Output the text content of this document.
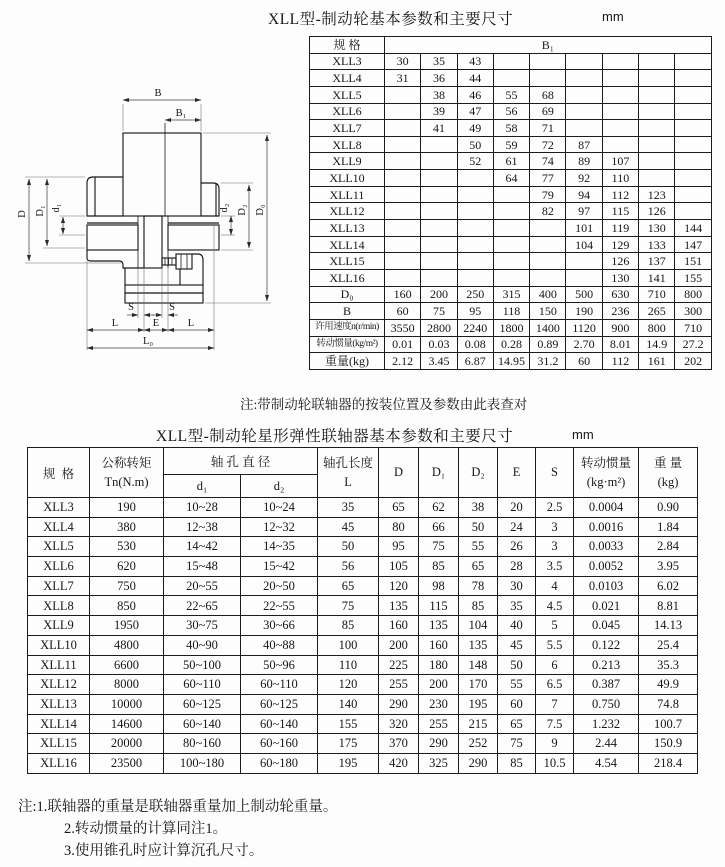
XLL型-制动轮基本参数和主要尺寸	mm
B
B₁
d₂ D₂ D₀
D D₁ d₁
S	S
L	E	L
L₀
规 格	B₁								
XLL3	30	35	43						
XLL4	31	36	44						
XLL5		38	46	55	68				
XLL6		39	47	56	69				
XLL7		41	49	58	71				
XLL8			50	59	72	87			
XLL9			52	61	74	89	107		
XLL10				64	77	92	110		
XLL11					79	94	112	123	
XLL12					82	97	115	126	
XLL13						101	119	130	144
XLL14						104	129	133	147
XLL15							126	137	151
XLL16							130	141	155
D₀	160	200	250	315	400	500	630	710	800
B	60	75	95	118	150	190	236	265	300
许用速度n(r/min)	3550	2800	2240	1800	1400	1120	900	800	710
转动惯量(kg/m²)	0.01	0.03	0.08	0.28	0.89	2.70	8.01	14.9	27.2
重量(kg)	2.12	3.45	6.87	14.95	31.2	60	112	161	202
注:带制动轮联轴器的按装位置及参数由此表查对
XLL型-制动轮星形弹性联轴器基本参数和主要尺寸	mm
规  格	
公称转矩
Tn(N.m)
	轴 孔 直 径	轴孔长度
L
	D	D₁	D₂	E	S	
转动惯量
(kg·m²)

重 量
(kg)

		d₁	d₂								
XLL3	190	10~28	10~24	35	65	62	38	20	2.5	0.0004	0.90
XLL4	380	12~38	12~32	45	80	66	50	24	3	0.0016	1.84
XLL5	530	14~42	14~35	50	95	75	55	26	3	0.0033	2.84
XLL6	620	15~48	15~42	56	105	85	65	28	3.5	0.0052	3.95
XLL7	750	20~55	20~50	65	120	98	78	30	4	0.0103	6.02
XLL8	850	22~65	22~55	75	135	115	85	35	4.5	0.021	8.81
XLL9	1950	30~75	30~66	85	160	135	104	40	5	0.045	14.13
XLL10	4800	40~90	40~88	100	200	160	135	45	5.5	0.122	25.4
XLL11	6600	50~100	50~96	110	225	180	148	50	6	0.213	35.3
XLL12	8000	60~110	60~110	120	255	200	170	55	6.5	0.387	49.9
XLL13	10000	60~125	60~125	140	290	230	195	60	7	0.750	74.8
XLL14	14600	60~140	60~140	155	320	255	215	65	7.5	1.232	100.7
XLL15	20000	80~160	60~160	175	370	290	252	75	9	2.44	150.9
XLL16	23500	100~180	60~180	195	420	325	290	85	10.5	4.54	218.4
注:1.联轴器的重量是联轴器重量加上制动轮重量。
2.转动惯量的计算同注1。
3.使用锥孔时应计算沉孔尺寸。
